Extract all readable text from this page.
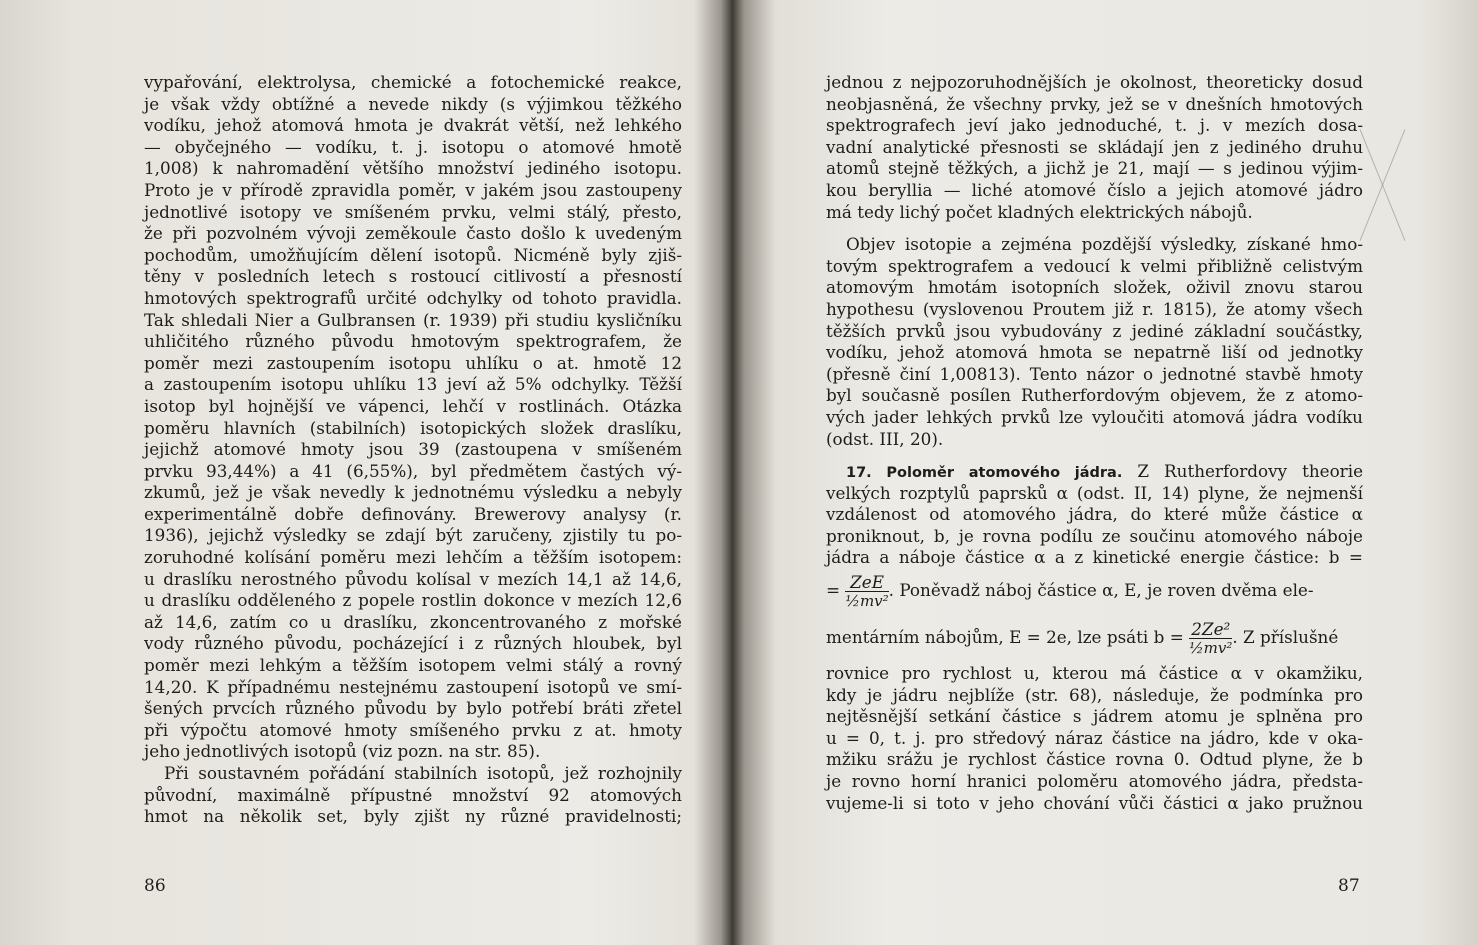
vypařování, elektrolysa, chemické a fotochemické reakce,
je však vždy obtížné a nevede nikdy (s výjimkou těžkého
vodíku, jehož atomová hmota je dvakrát větší, než lehkého
— obyčejného — vodíku, t. j. isotopu o atomové hmotě
1,008) k nahromadění většího množství jediného isotopu.
Proto je v přírodě zpravidla poměr, v jakém jsou zastoupeny
jednotlivé isotopy ve smíšeném prvku, velmi stálý, přesto,
že při pozvolném vývoji zeměkoule často došlo k uvedeným
pochodům, umožňujícím dělení isotopů. Nicméně byly zjiš-
těny v posledních letech s rostoucí citlivostí a přesností
hmotových spektrografů určité odchylky od tohoto pravidla.
Tak shledali Nier a Gulbransen (r. 1939) při studiu kysličníku
uhličitého různého původu hmotovým spektrografem, že
poměr mezi zastoupením isotopu uhlíku o at. hmotě 12
a zastoupením isotopu uhlíku 13 jeví až 5% odchylky. Těžší
isotop byl hojnější ve vápenci, lehčí v rostlinách. Otázka
poměru hlavních (stabilních) isotopických složek draslíku,
jejichž atomové hmoty jsou 39 (zastoupena v smíšeném
prvku 93,44%) a 41 (6,55%), byl předmětem častých vý-
zkumů, jež je však nevedly k jednotnému výsledku a nebyly
experimentálně dobře definovány. Brewerovy analysy (r.
1936), jejichž výsledky se zdají být zaručeny, zjistily tu po-
zoruhodné kolísání poměru mezi lehčím a těžším isotopem:
u draslíku nerostného původu kolísal v mezích 14,1 až 14,6,
u draslíku odděleného z popele rostlin dokonce v mezích 12,6
až 14,6, zatím co u draslíku, zkoncentrovaného z mořské
vody různého původu, pocházející i z různých hloubek, byl
poměr mezi lehkým a těžším isotopem velmi stálý a rovný
14,20. K případnému nestejnému zastoupení isotopů ve smí-
šených prvcích různého původu by bylo potřebí bráti zřetel
při výpočtu atomové hmoty smíšeného prvku z at. hmoty
jeho jednotlivých isotopů (viz pozn. na str. 85).
Při soustavném pořádání stabilních isotopů, jež rozhojnily
původní, maximálně přípustné množství 92 atomových
hmot na několik set, byly zjišt ny různé pravidelnosti;
86
jednou z nejpozoruhodnějších je okolnost, theoreticky dosud
neobjasněná, že všechny prvky, jež se v dnešních hmotových
spektrografech jeví jako jednoduché, t. j. v mezích dosa-
vadní analytické přesnosti se skládají jen z jediného druhu
atomů stejně těžkých, a jichž je 21, mají — s jedinou výjim-
kou beryllia — liché atomové číslo a jejich atomové jádro
má tedy lichý počet kladných elektrických nábojů.
Objev isotopie a zejména pozdější výsledky, získané hmo-
tovým spektrografem a vedoucí k velmi přibližně celistvým
atomovým hmotám isotopních složek, oživil znovu starou
hypothesu (vyslovenou Proutem již r. 1815), že atomy všech
těžších prvků jsou vybudovány z jediné základní součástky,
vodíku, jehož atomová hmota se nepatrně liší od jednotky
(přesně činí 1,00813). Tento názor o jednotné stavbě hmoty
byl současně posílen Rutherfordovým objevem, že z atomo-
vých jader lehkých prvků lze vyloučiti atomová jádra vodíku
(odst. III, 20).
17. Poloměr atomového jádra. Z Rutherfordovy theorie
velkých rozptylů paprsků α (odst. II, 14) plyne, že nejmenší
vzdálenost od atomového jádra, do které může částice α
proniknout, b, je rovna podílu ze součinu atomového náboje
jádra a náboje částice α a z kinetické energie částice: b =
= $\frac{\text{ZeE}}{\text{½mv²}}$ . Poněvadž náboj částice α, E, je roven dvěma ele-
mentárním nábojům, E = 2e, lze psáti $b = \frac{\text{2Ze²}}{\text{½mv²}}$ . Z příslušné
rovnice pro rychlost u, kterou má částice α v okamžiku,
kdy je jádru nejblíže (str. 68), následuje, že podmínka pro
nejtěsnější setkání částice s jádrem atomu je splněna pro
u = 0, t. j. pro středový náraz částice na jádro, kde v oka-
mžiku srážu je rychlost částice rovna 0. Odtud plyne, že b
je rovno horní hranici poloměru atomového jádra, předsta-
vujeme-li si toto v jeho chování vůči částici α jako pružnou
87
